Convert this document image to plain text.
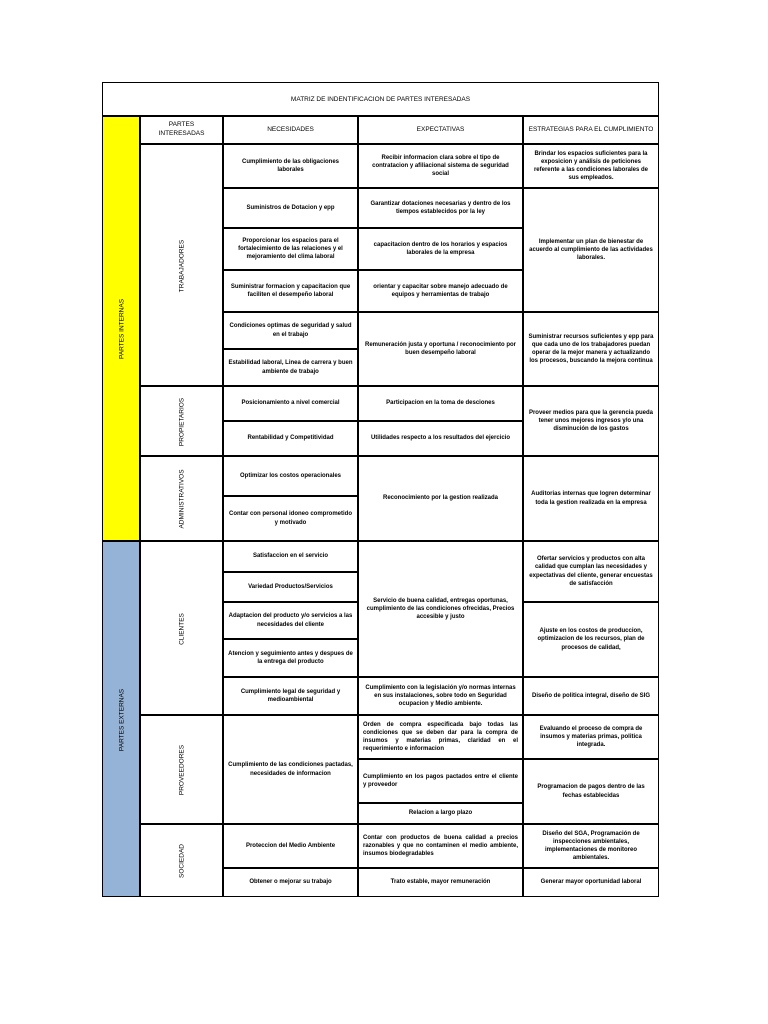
MATRIZ DE INDENTIFICACION DE PARTES INTERESADAS
PARTES INTERNAS
PARTES EXTERNAS
PARTES INTERESADAS
NECESIDADES	EXPECTATIVAS	ESTRATEGIAS PARA EL CUMPLIMIENTO
TRABAJADORES
PROPIETARIOS
ADMINISTRATIVOS
CLIENTES
PROVEEDORES
SOCIEDAD
Cumplimiento de las obligaciones laborales
Suministros de Dotacion y epp
Proporcionar los espacios para el fortalecimiento de las relaciones y el mejoramiento del clima laboral
Suministrar formacion y capacitacion que faciliten el desempeño laboral
Condiciones optimas de seguridad y salud en el trabajo
Estabilidad laboral, Linea de carrera y buen ambiente de trabajo
Posicionamiento a nivel comercial
Rentabilidad y Competitividad
Optimizar los costos operacionales
Contar con personal idoneo comprometido y motivado
Satisfaccion en el servicio
Variedad Productos/Servicios
Adaptacion del producto y/o servicios a las necesidades del cliente
Atencion y seguimiento antes y despues de la entrega del producto
Cumplimiento legal de seguridad y medioambiental
Cumplimiento de las condiciones pactadas, necesidades de informacion
Proteccion del Medio Ambiente
Obtener o mejorar su trabajo
Recibir informacion clara sobre el tipo de contratacion y afiliacional sistema de seguridad social
Garantizar dotaciones necesarias y dentro de los tiempos establecidos por la ley
capacitacion dentro de los horarios y espacios laborales de la empresa
orientar y capacitar sobre manejo adecuado de equipos y herramientas de trabajo
Remuneración justa y oportuna / reconocimiento por buen desempeño laboral
Participacion en la toma de desciones
Utilidades respecto a los resultados del ejercicio
Reconocimiento por la gestion realizada
Servicio de buena calidad, entregas oportunas, cumplimiento de las condiciones ofrecidas, Precios accesible y justo
Cumplimiento con la legislación y/o normas internas en sus instalaciones, sobre todo en Seguridad ocupacion y Medio ambiente.
Orden de compra especificada bajo todas las condiciones que se deben dar para la compra de insumos y materias primas, claridad en el requerimiento e informacion
Cumplimiento en los pagos pactados entre el cliente y proveedor
Relacion a largo plazo
Contar con productos de buena calidad a precios razonables y que no contaminen el medio ambiente, insumos biodegradables
Trato estable, mayor remuneración
Brindar los espacios suficientes para la exposicion y análisis de peticiones referente a las condiciones laborales de sus empleados.
Implementar un plan de bienestar de acuerdo al cumplimiento de las actividades laborales.
Suministrar recursos suficientes y epp para que cada uno de los trabajadores puedan operar de la mejor manera y actualizando los procesos, buscando la mejora continua
Proveer medios para que la gerencia pueda tener unos mejores ingresos y/o una disminución de los gastos
Auditorias internas que logren determinar toda la gestion realizada en la empresa
Ofertar servicios y productos con alta calidad que cumplan las necesidades y expectativas del cliente, generar encuestas de satisfacción
Ajuste en los costos de produccion, optimizacion de los recursos, plan de procesos de calidad,
Diseño de politica integral, diseño de SIG
Evaluando el proceso de compra de insumos y materias primas, politica integrada.
Programacion de pagos dentro de las fechas establecidas
Diseño del SGA, Programación de inspecciones ambientales, implementaciones de monitoreo ambientales.
Generar mayor oportunidad laboral
